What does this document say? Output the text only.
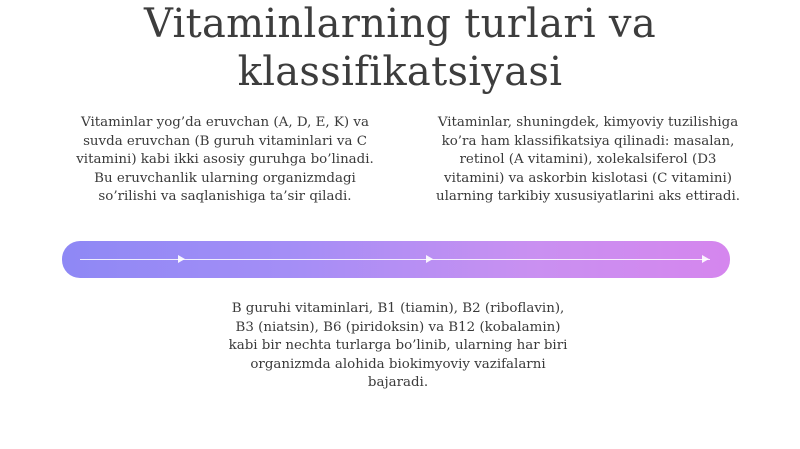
Vitaminlarning turlari va
klassifikatsiyasi

Vitaminlar yog’da eruvchan (A, D, E, K) va suvda eruvchan (B guruh vitaminlari va C vitamini) kabi ikki asosiy guruhga bo’linadi. Bu eruvchanlik ularning organizmdagi so’rilishi va saqlanishiga ta’sir qiladi.

Vitaminlar, shuningdek, kimyoviy tuzilishiga ko’ra ham klassifikatsiya qilinadi: masalan, retinol (A vitamini), xolekalsiferol (D3 vitamini) va askorbin kislotasi (C vitamini) ularning tarkibiy xususiyatlarini aks ettiradi.

B guruhi vitaminlari, B1 (tiamin), B2 (riboflavin), B3 (niatsin), B6 (piridoksin) va B12 (kobalamin) kabi bir nechta turlarga bo’linib, ularning har biri organizmda alohida biokimyoviy vazifalarni bajaradi.
